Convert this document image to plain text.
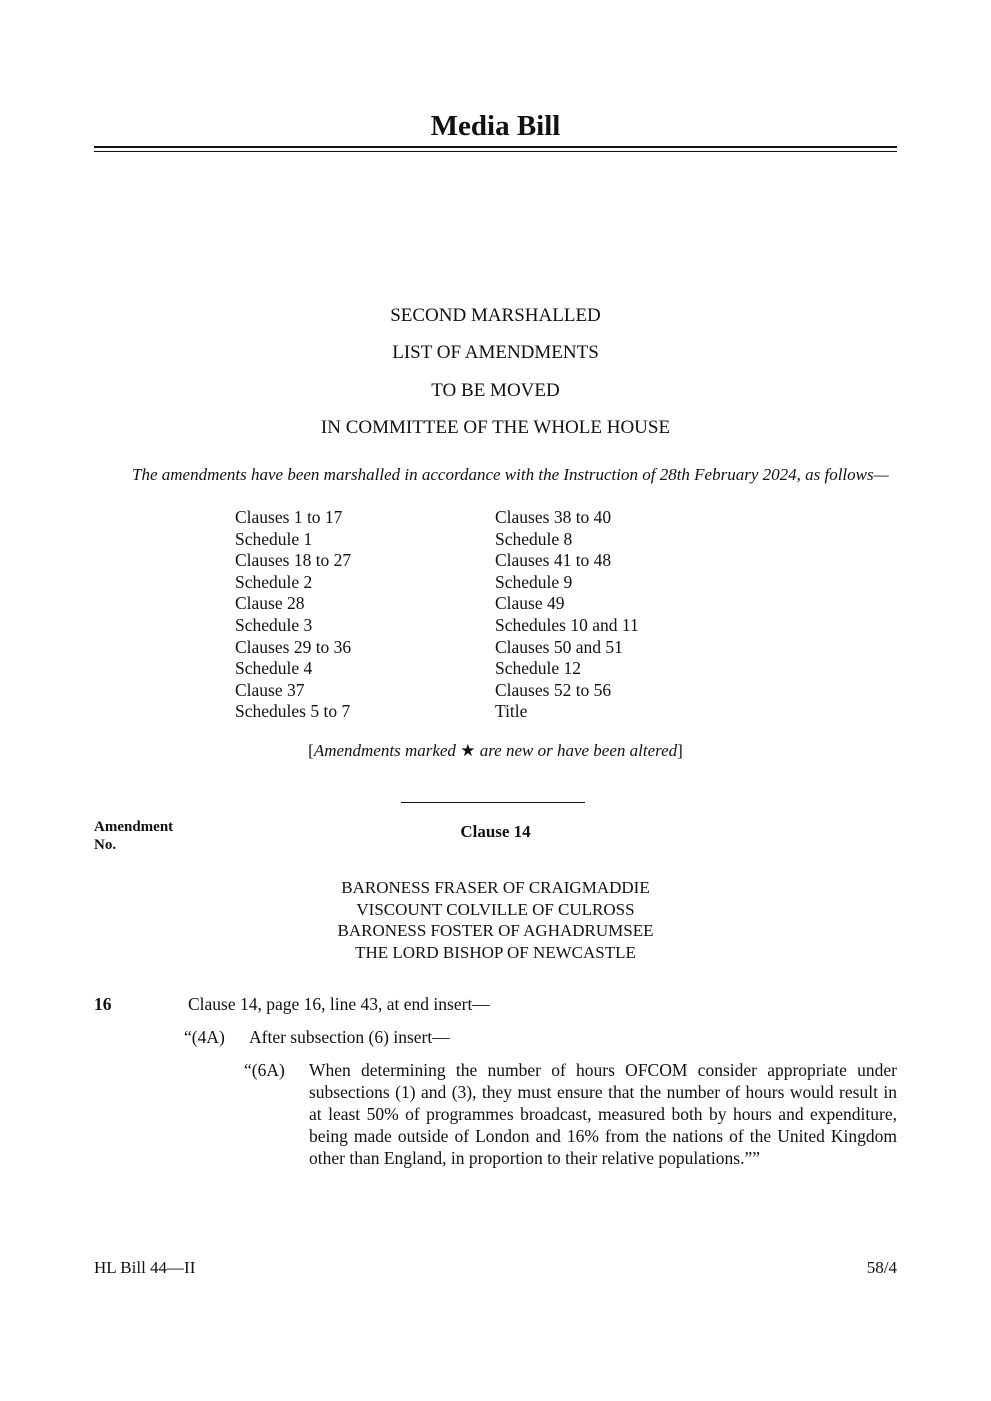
Media Bill
SECOND MARSHALLED
LIST OF AMENDMENTS
TO BE MOVED
IN COMMITTEE OF THE WHOLE HOUSE
The amendments have been marshalled in accordance with the Instruction of 28th February 2024, as follows—
Clauses 1 to 17
Schedule 1
Clauses 18 to 27
Schedule 2
Clause 28
Schedule 3
Clauses 29 to 36
Schedule 4
Clause 37
Schedules 5 to 7
Clauses 38 to 40
Schedule 8
Clauses 41 to 48
Schedule 9
Clause 49
Schedules 10 and 11
Clauses 50 and 51
Schedule 12
Clauses 52 to 56
Title
[Amendments marked ★ are new or have been altered]
Amendment
No.
Clause 14
BARONESS FRASER OF CRAIGMADDIE
VISCOUNT COLVILLE OF CULROSS
BARONESS FOSTER OF AGHADRUMSEE
THE LORD BISHOP OF NEWCASTLE
16	Clause 14, page 16, line 43, at end insert—
“(4A) After subsection (6) insert—
“(6A) When determining the number of hours OFCOM consider appropriate under subsections (1) and (3), they must ensure that the number of hours would result in at least 50% of programmes broadcast, measured both by hours and expenditure, being made outside of London and 16% from the nations of the United Kingdom other than England, in proportion to their relative populations.””
HL Bill 44—II	58/4
